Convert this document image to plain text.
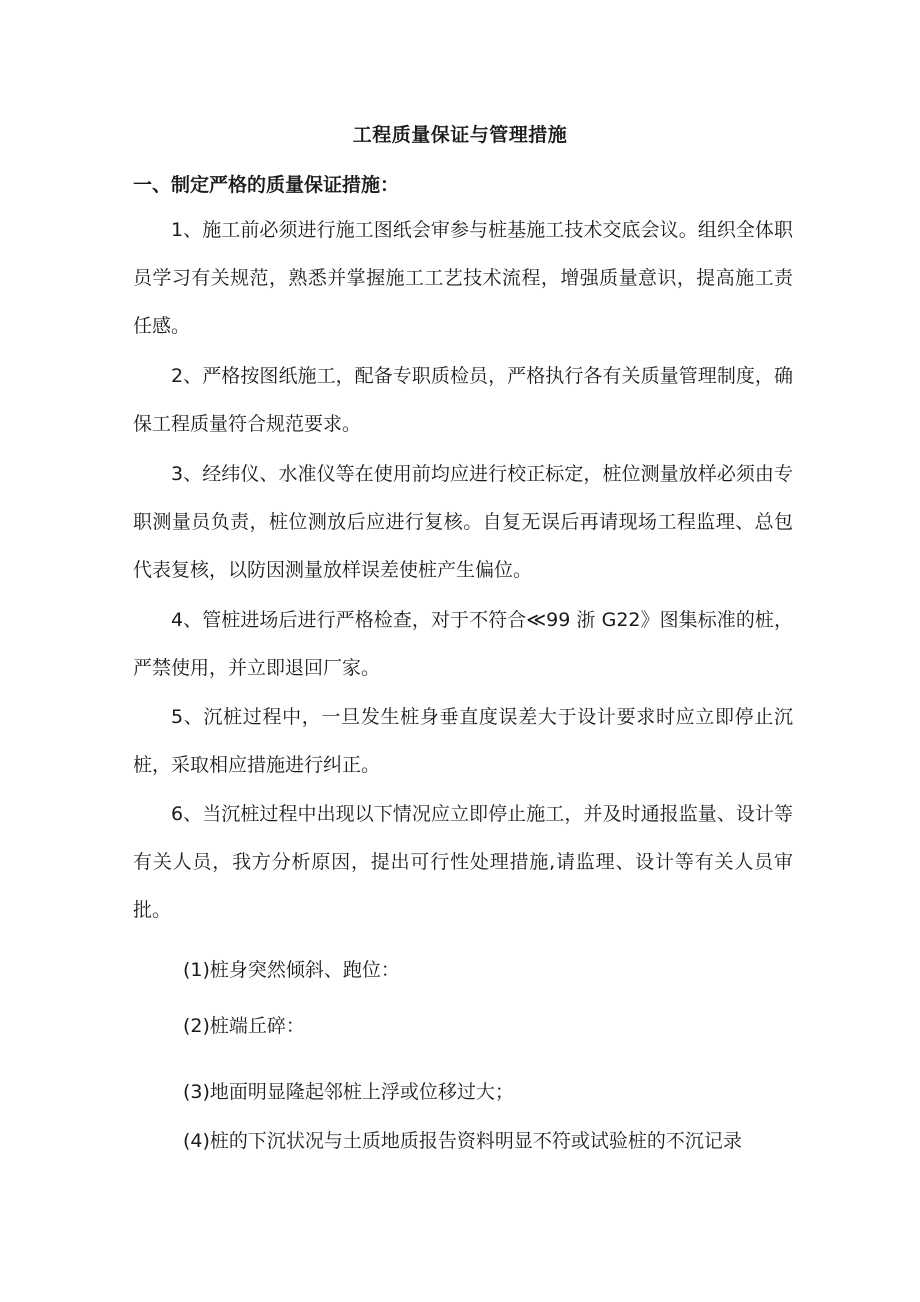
工程质量保证与管理措施
一、制定严格的质量保证措施：

1、施工前必须进行施工图纸会审参与桩基施工技术交底会议。组织全体职员学习有关规范，熟悉并掌握施工工艺技术流程，增强质量意识，提高施工责任感。

2、严格按图纸施工，配备专职质检员，严格执行各有关质量管理制度，确保工程质量符合规范要求。

3、经纬仪、水准仪等在使用前均应进行校正标定，桩位测量放样必须由专职测量员负责，桩位测放后应进行复核。自复无误后再请现场工程监理、总包代表复核，以防因测量放样误差使桩产生偏位。

4、管桩进场后进行严格检查，对于不符合≪99 浙 G22》图集标准的桩，严禁使用，并立即退回厂家。

5、沉桩过程中，一旦发生桩身垂直度误差大于设计要求时应立即停止沉桩，采取相应措施进行纠正。

6、当沉桩过程中出现以下情况应立即停止施工，并及时通报监量、设计等有关人员，我方分析原因，提出可行性处理措施,请监理、设计等有关人员审批。

(1)桩身突然倾斜、跑位：

(2)桩端丘碎：

(3)地面明显隆起邻桩上浮或位移过大；

(4)桩的下沉状况与土质地质报告资料明显不符或试验桩的不沉记录
